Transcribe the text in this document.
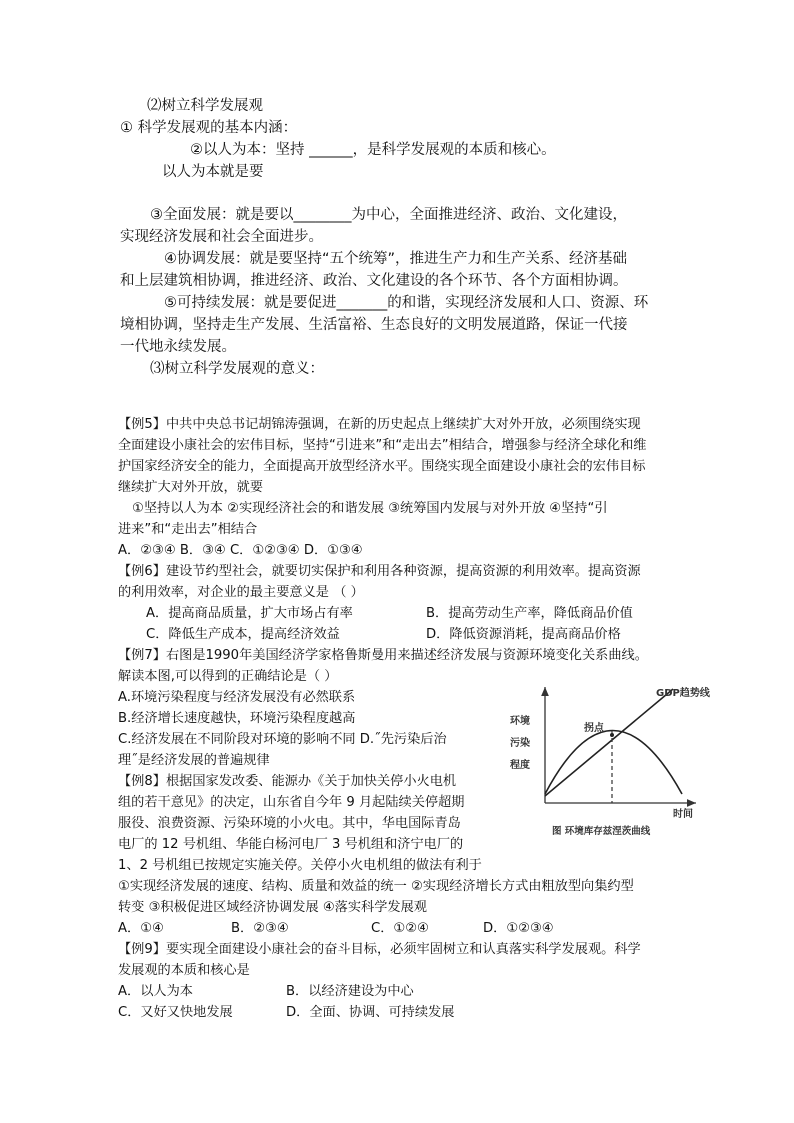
⑵树立科学发展观
① 科学发展观的基本内涵：
②以人为本：坚持 ______，是科学发展观的本质和核心。
以人为本就是要
③全面发展：就是要以________为中心，全面推进经济、政治、文化建设，
实现经济发展和社会全面进步。
④协调发展：就是要坚持“五个统筹”，推进生产力和生产关系、经济基础
和上层建筑相协调，推进经济、政治、文化建设的各个环节、各个方面相协调。
⑤可持续发展：就是要促进_______的和谐，实现经济发展和人口、资源、环
境相协调，坚持走生产发展、生活富裕、生态良好的文明发展道路，保证一代接
一代地永续发展。
⑶树立科学发展观的意义：
【例5】中共中央总书记胡锦涛强调，在新的历史起点上继续扩大对外开放，必须围绕实现
全面建设小康社会的宏伟目标，坚持“引进来”和“走出去”相结合，增强参与经济全球化和维
护国家经济安全的能力，全面提高开放型经济水平。围绕实现全面建设小康社会的宏伟目标
继续扩大对外开放，就要
①坚持以人为本 ②实现经济社会的和谐发展 ③统筹国内发展与对外开放 ④坚持“引
进来”和“走出去”相结合
A．②③④ B．③④ C．①②③④ D．①③④
【例6】建设节约型社会，就要切实保护和利用各种资源，提高资源的利用效率。提高资源
的利用效率，对企业的最主要意义是 （ ）
A．提高商品质量，扩大市场占有率	B．提高劳动生产率，降低商品价值
C．降低生产成本，提高经济效益	D．降低资源消耗，提高商品价格
【例7】右图是1990年美国经济学家格鲁斯曼用来描述经济发展与资源环境变化关系曲线。
解读本图,可以得到的正确结论是（ ）
A.环境污染程度与经济发展没有必然联系
B.经济增长速度越快，环境污染程度越高
C.经济发展在不同阶段对环境的影响不同 D.˝先污染后治
理˝是经济发展的普遍规律
【例8】根据国家发改委、能源办《关于加快关停小火电机
组的若干意见》的决定，山东省自今年 9 月起陆续关停超期
服役、浪费资源、污染环境的小火电。其中，华电国际青岛
电厂的 12 号机组、华能白杨河电厂 3 号机组和济宁电厂的
1、2 号机组已按规定实施关停。关停小火电机组的做法有利于
①实现经济发展的速度、结构、质量和效益的统一 ②实现经济增长方式由粗放型向集约型
转变 ③积极促进区域经济协调发展 ④落实科学发展观
A．①④	B．②③④	C．①②④	D．①②③④
【例9】要实现全面建设小康社会的奋斗目标，必须牢固树立和认真落实科学发展观。科学
发展观的本质和核心是
A．以人为本	B．以经济建设为中心
C．又好又快地发展	D．全面、协调、可持续发展
GDP趋势线
拐点
环境
污染
程度
时间
图 环境库存兹涅茨曲线
